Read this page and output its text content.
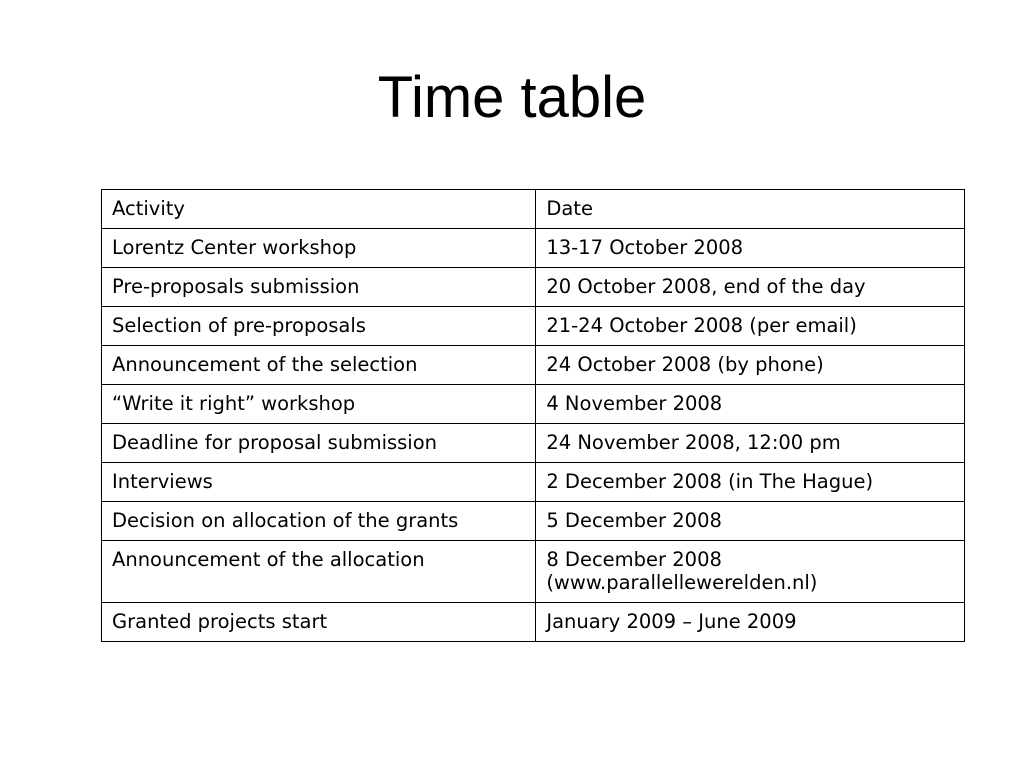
Time table
Activity	Date
Lorentz Center workshop	13-17 October 2008
Pre-proposals submission	20 October 2008, end of the day
Selection of pre-proposals	21-24 October 2008 (per email)
Announcement of the selection	24 October 2008 (by phone)
“Write it right” workshop	4 November 2008
Deadline for proposal submission	24 November 2008, 12:00 pm
Interviews	2 December 2008 (in The Hague)
Decision on allocation of the grants	5 December 2008
Announcement of the allocation	8 December 2008 (www.parallellewerelden.nl)
Granted projects start	January 2009 – June 2009
